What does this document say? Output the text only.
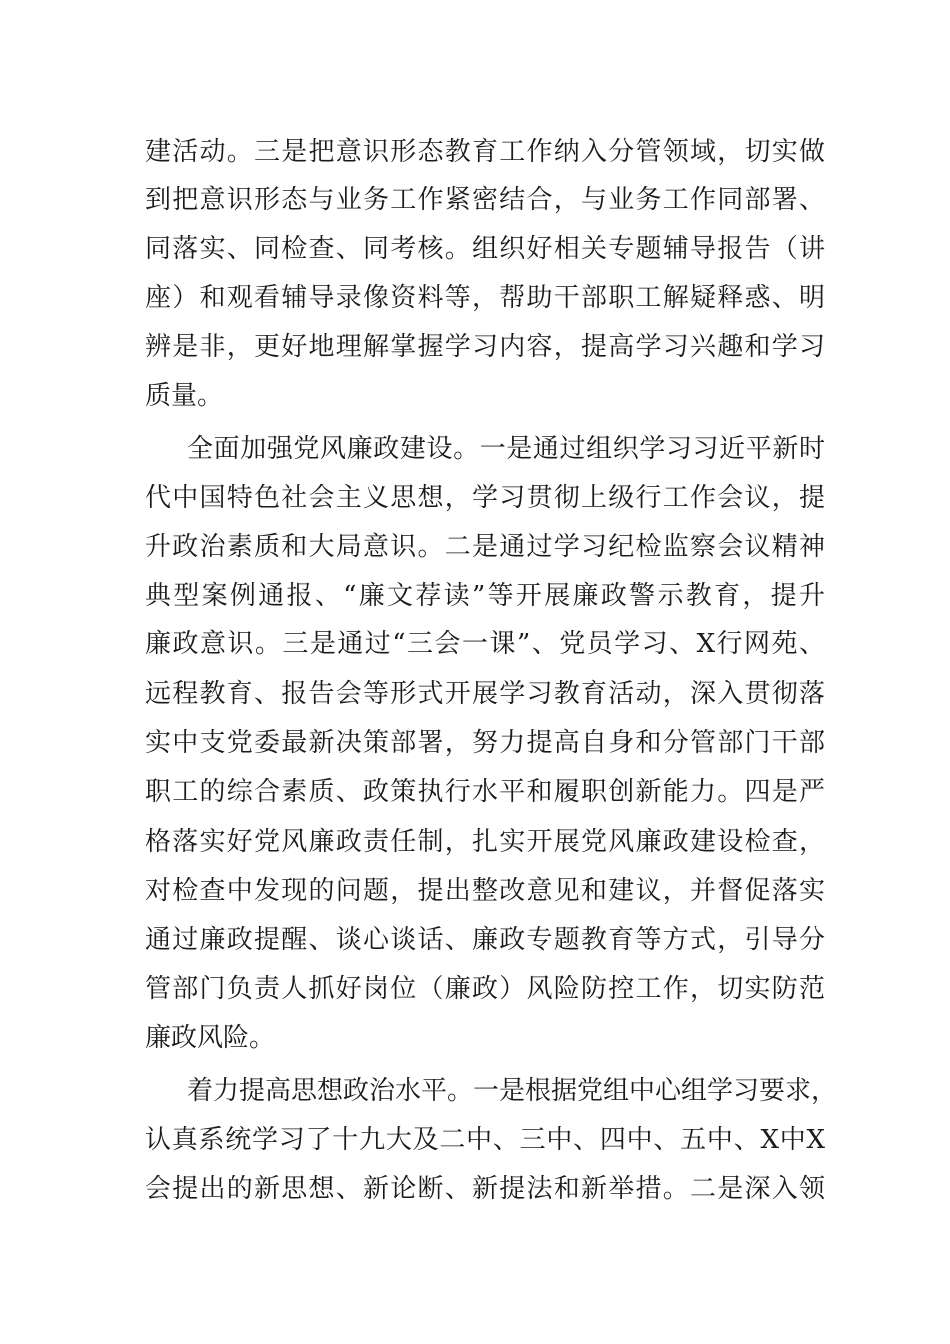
建活动。三是把意识形态教育工作纳入分管领域，切实做
到把意识形态与业务工作紧密结合，与业务工作同部署、
同落实、同检查、同考核。组织好相关专题辅导报告（讲
座）和观看辅导录像资料等，帮助干部职工解疑释惑、明
辨是非，更好地理解掌握学习内容，提高学习兴趣和学习
质量。
全面加强党风廉政建设。一是通过组织学习习近平新时
代中国特色社会主义思想，学习贯彻上级行工作会议，提
升政治素质和大局意识。二是通过学习纪检监察会议精神
典型案例通报、“廉文荐读”等开展廉政警示教育，提升
廉政意识。三是通过“三会一课”、党员学习、X行网苑、
远程教育、报告会等形式开展学习教育活动，深入贯彻落
实中支党委最新决策部署，努力提高自身和分管部门干部
职工的综合素质、政策执行水平和履职创新能力。四是严
格落实好党风廉政责任制，扎实开展党风廉政建设检查，
对检查中发现的问题，提出整改意见和建议，并督促落实
通过廉政提醒、谈心谈话、廉政专题教育等方式，引导分
管部门负责人抓好岗位（廉政）风险防控工作，切实防范
廉政风险。
着力提高思想政治水平。一是根据党组中心组学习要求，
认真系统学习了十九大及二中、三中、四中、五中、X中X
会提出的新思想、新论断、新提法和新举措。二是深入领
